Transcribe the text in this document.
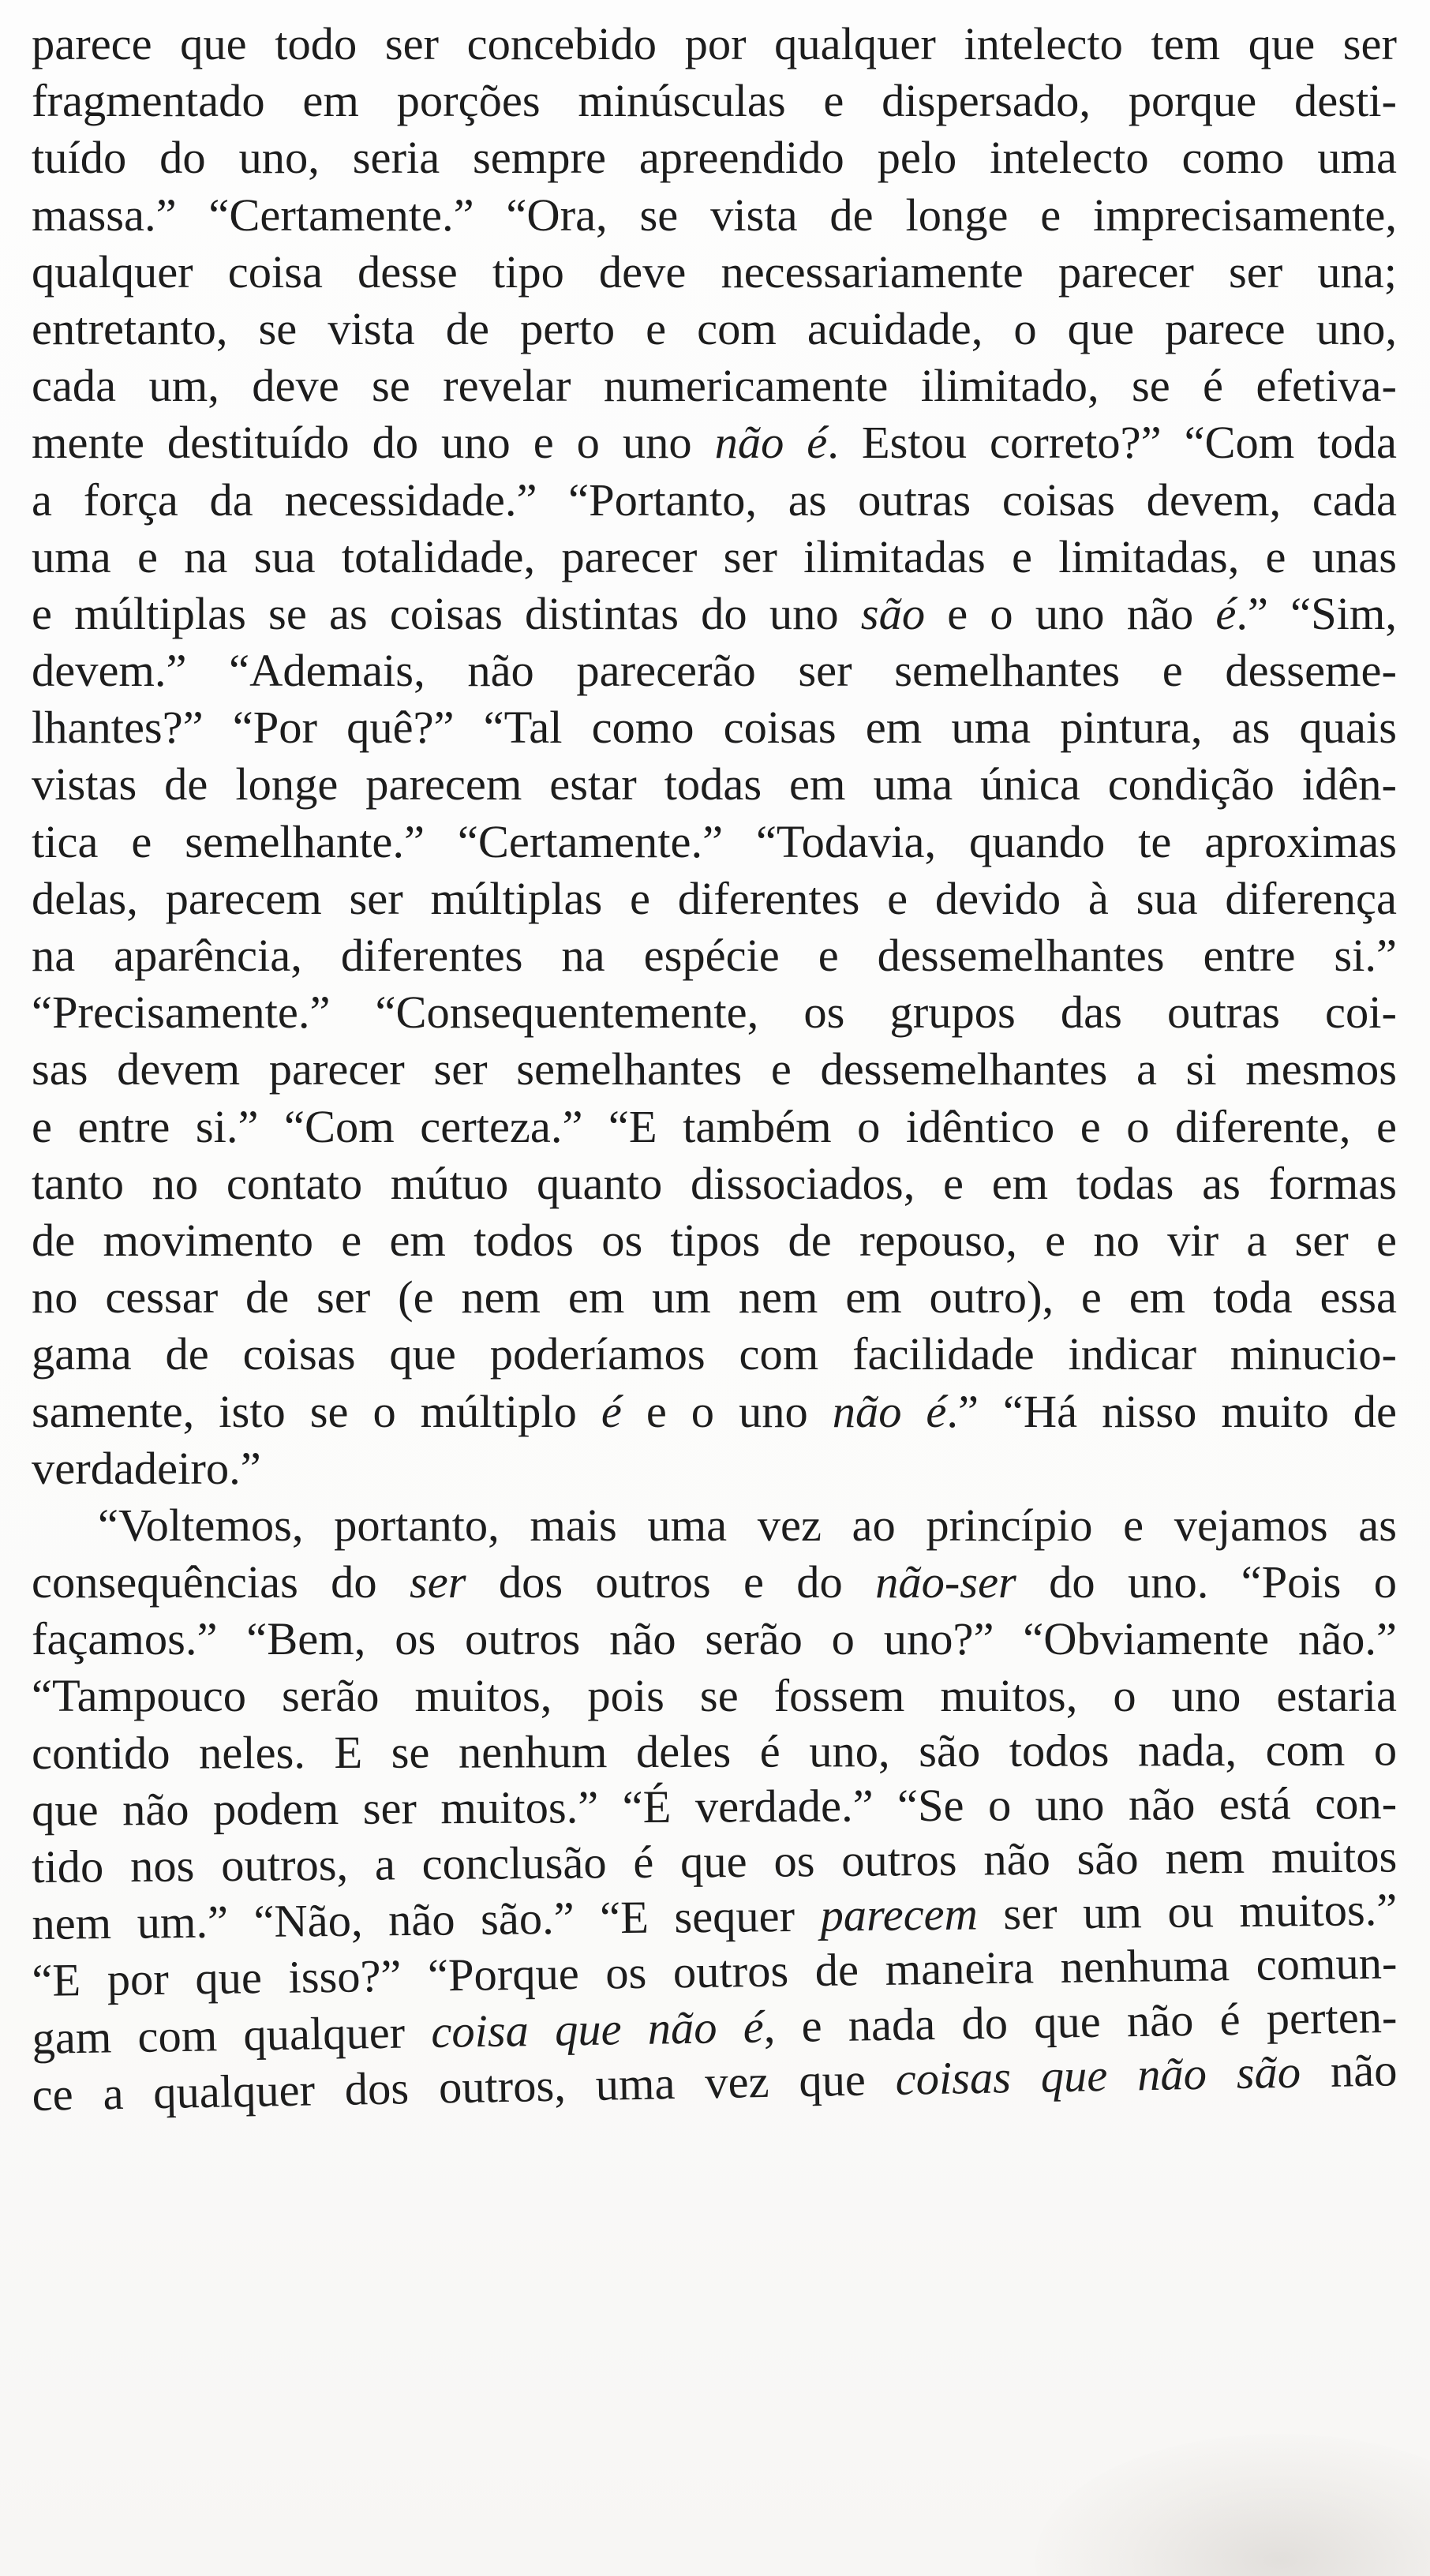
parece que todo ser concebido por qualquer intelecto tem que ser
fragmentado em porções minúsculas e dispersado, porque desti-
tuído do uno, seria sempre apreendido pelo intelecto como uma
massa.” “Certamente.” “Ora, se vista de longe e imprecisamente,
qualquer coisa desse tipo deve necessariamente parecer ser una;
entretanto, se vista de perto e com acuidade, o que parece uno,
cada um, deve se revelar numericamente ilimitado, se é efetiva-
mente destituído do uno e o uno não é. Estou correto?” “Com toda
a força da necessidade.” “Portanto, as outras coisas devem, cada
uma e na sua totalidade, parecer ser ilimitadas e limitadas, e unas
e múltiplas se as coisas distintas do uno são e o uno não é.” “Sim,
devem.” “Ademais, não parecerão ser semelhantes e desseme-
lhantes?” “Por quê?” “Tal como coisas em uma pintura, as quais
vistas de longe parecem estar todas em uma única condição idên-
tica e semelhante.” “Certamente.” “Todavia, quando te aproximas
delas, parecem ser múltiplas e diferentes e devido à sua diferença
na aparência, diferentes na espécie e dessemelhantes entre si.”
“Precisamente.” “Consequentemente, os grupos das outras coi-
sas devem parecer ser semelhantes e dessemelhantes a si mesmos
e entre si.” “Com certeza.” “E também o idêntico e o diferente, e
tanto no contato mútuo quanto dissociados, e em todas as formas
de movimento e em todos os tipos de repouso, e no vir a ser e
no cessar de ser (e nem em um nem em outro), e em toda essa
gama de coisas que poderíamos com facilidade indicar minucio-
samente, isto se o múltiplo é e o uno não é.” “Há nisso muito de
verdadeiro.”
“Voltemos, portanto, mais uma vez ao princípio e vejamos as
consequências do ser dos outros e do não-ser do uno. “Pois o
façamos.” “Bem, os outros não serão o uno?” “Obviamente não.”
“Tampouco serão muitos, pois se fossem muitos, o uno estaria
contido neles. E se nenhum deles é uno, são todos nada, com o
que não podem ser muitos.” “É verdade.” “Se o uno não está con-
tido nos outros, a conclusão é que os outros não são nem muitos
nem um.” “Não, não são.” “E sequer parecem ser um ou muitos.”
“E por que isso?” “Porque os outros de maneira nenhuma comun-
gam com qualquer coisa que não é, e nada do que não é perten-
ce a qualquer dos outros, uma vez que coisas que não são não
